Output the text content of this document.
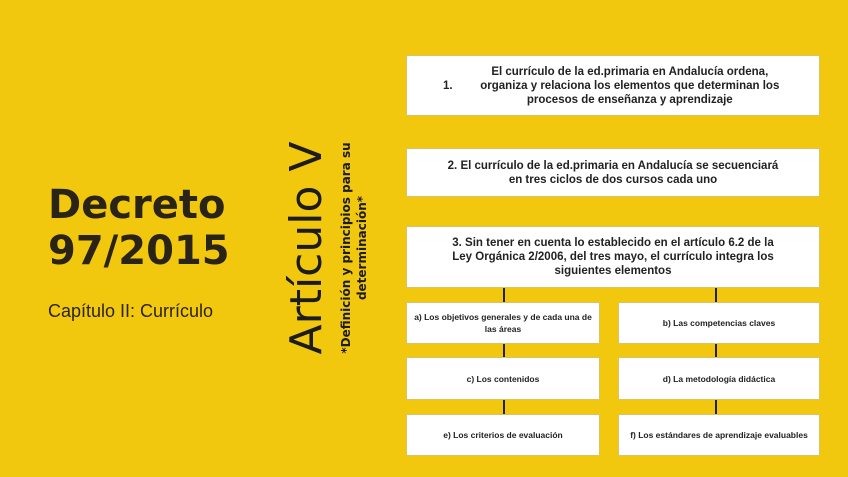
Decreto
97/2015
Capítulo II: Currículo Artículo V *Definición y principios para su determinación*
1.
El currículo de la ed.primaria en Andalucía ordena, organiza y relaciona los elementos que determinan los procesos de enseñanza y aprendizaje
2. El currículo de la ed.primaria en Andalucía se secuenciará en tres ciclos de dos cursos cada uno
3. Sin tener en cuenta lo establecido en el artículo 6.2 de la Ley Orgánica 2/2006, del tres mayo, el currículo integra los siguientes elementos
a) Los objetivos generales y de cada una de las áreas
b) Las competencias claves
c) Los contenidos	d) La metodología didáctica
e) Los criterios de evaluación	f) Los estándares de aprendizaje evaluables
